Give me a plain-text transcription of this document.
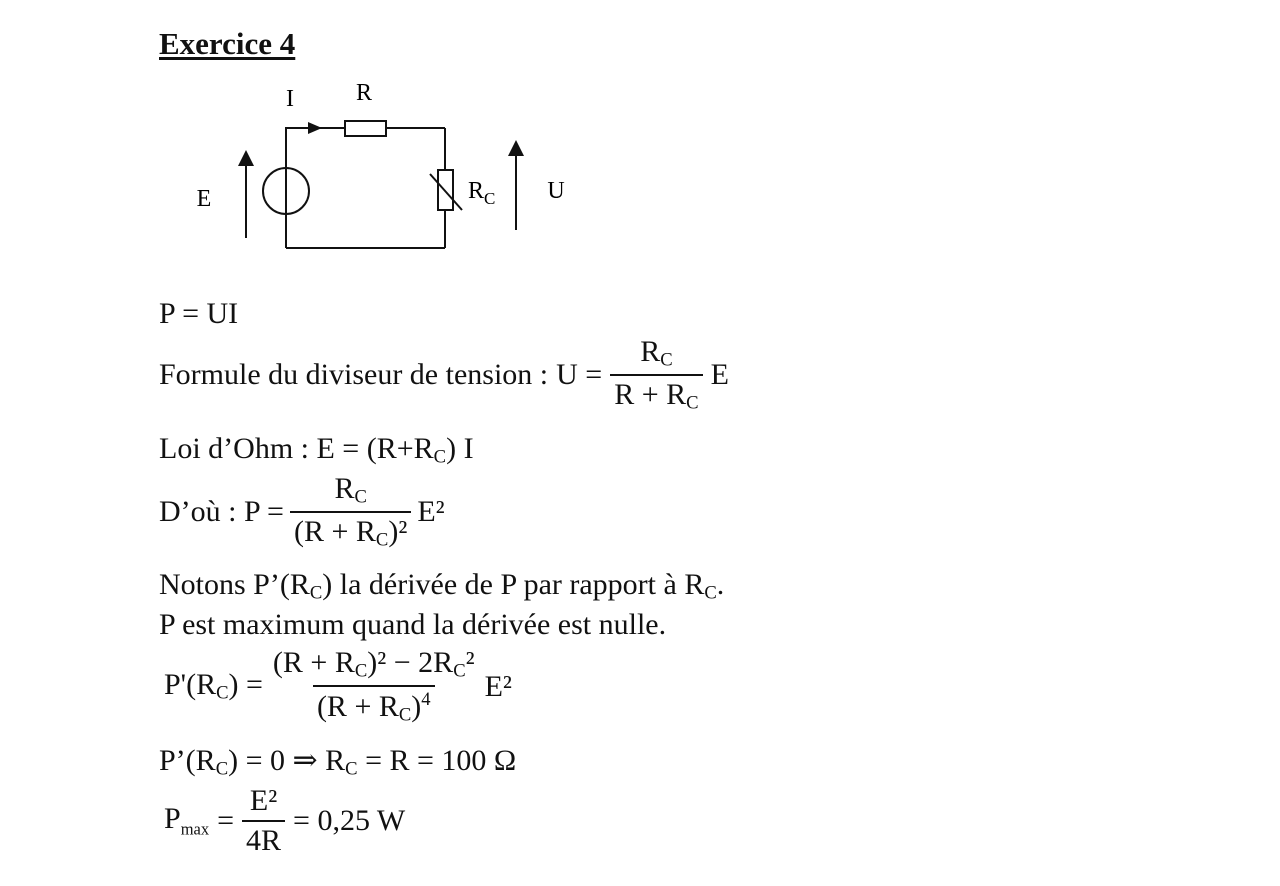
Exercice 4
I	R
E	$R_C$ U
P = UI
Formule du diviseur de tension : $U = \frac{R_C}{R + R_C}$ E
Loi d’Ohm : $E = (R+R_C)$ I
D’où : $P = \frac{R_C}{(R + R_C)^2} E^2$
Notons $P’(R_C)$ la dérivée de P par rapport à $R_C$.
P est maximum quand la dérivée est nulle.
$P'(R_C) = \frac{(R + R_C)^2 - 2R_C^2}{(R + R_C)^4} E^2$
$P’(R_C) = 0$ ⇒ $R_C = R = 100$ Ω
$P_{max} = \frac{\text{E²}}{4R} = 0,25$ W
